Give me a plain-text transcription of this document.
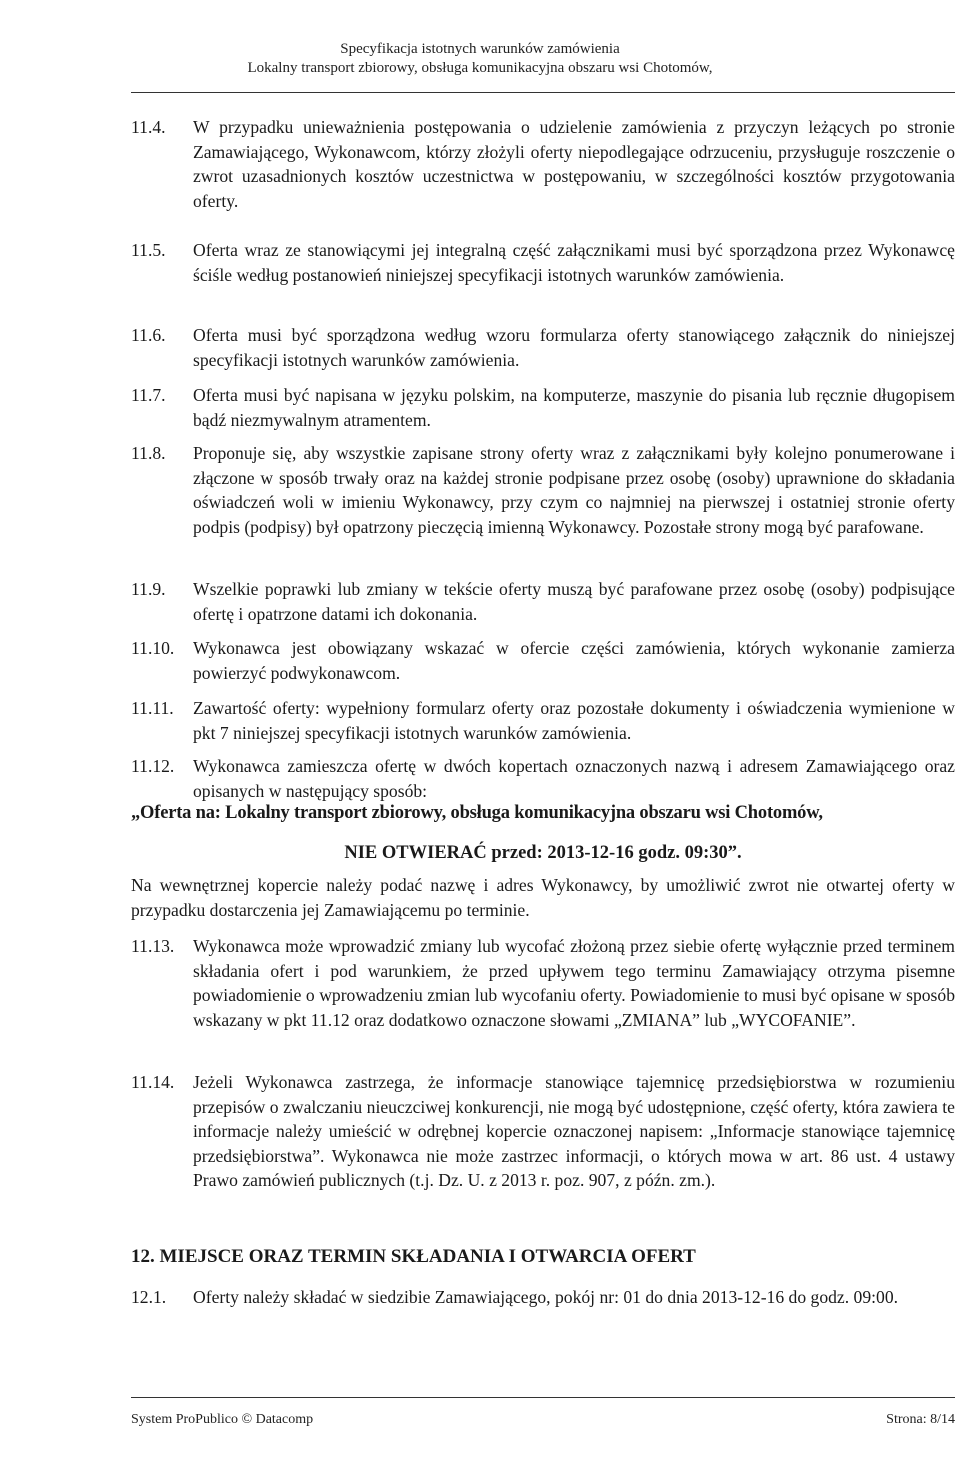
Specyfikacja istotnych warunków zamówienia
Lokalny transport zbiorowy, obsługa komunikacyjna obszaru wsi Chotomów,
11.4.	W przypadku unieważnienia postępowania o udzielenie zamówienia z przyczyn leżących po stronie Zamawiającego, Wykonawcom, którzy złożyli oferty niepodlegające odrzuceniu, przysługuje roszczenie o zwrot uzasadnionych kosztów uczestnictwa w postępowaniu, w szczególności kosztów przygotowania oferty.
11.5.	Oferta wraz ze stanowiącymi jej integralną część załącznikami musi być sporządzona przez Wykonawcę ściśle według postanowień niniejszej specyfikacji istotnych warunków zamówienia.
11.6.	Oferta musi być sporządzona według wzoru formularza oferty stanowiącego załącznik do niniejszej specyfikacji istotnych warunków zamówienia.
11.7.	Oferta musi być napisana w języku polskim, na komputerze, maszynie do pisania lub ręcznie długopisem bądź niezmywalnym atramentem.
11.8.	Proponuje się, aby wszystkie zapisane strony oferty wraz z załącznikami były kolejno ponumerowane i złączone w sposób trwały oraz na każdej stronie podpisane przez osobę (osoby) uprawnione do składania oświadczeń woli w imieniu Wykonawcy, przy czym co najmniej na pierwszej i ostatniej stronie oferty podpis (podpisy) był opatrzony pieczęcią imienną Wykonawcy. Pozostałe strony mogą być parafowane.
11.9.	Wszelkie poprawki lub zmiany w tekście oferty muszą być parafowane przez osobę (osoby) podpisujące ofertę i opatrzone datami ich dokonania.
11.10.	Wykonawca jest obowiązany wskazać w ofercie części zamówienia, których wykonanie zamierza powierzyć podwykonawcom.
11.11.	Zawartość oferty: wypełniony formularz oferty oraz pozostałe dokumenty i oświadczenia wymienione w pkt 7 niniejszej specyfikacji istotnych warunków zamówienia.
11.12.	Wykonawca zamieszcza ofertę w dwóch kopertach oznaczonych nazwą i adresem Zamawiającego oraz opisanych w następujący sposób:
„Oferta na: Lokalny transport zbiorowy, obsługa komunikacyjna obszaru wsi Chotomów,
NIE OTWIERAĆ przed: 2013-12-16 godz. 09:30”.
Na wewnętrznej kopercie należy podać nazwę i adres Wykonawcy, by umożliwić zwrot nie otwartej oferty w przypadku dostarczenia jej Zamawiającemu po terminie.
11.13.	Wykonawca może wprowadzić zmiany lub wycofać złożoną przez siebie ofertę wyłącznie przed terminem składania ofert i pod warunkiem, że przed upływem tego terminu Zamawiający otrzyma pisemne powiadomienie o wprowadzeniu zmian lub wycofaniu oferty. Powiadomienie to musi być opisane w sposób wskazany w pkt 11.12 oraz dodatkowo oznaczone słowami „ZMIANA” lub „WYCOFANIE”.
11.14.	Jeżeli Wykonawca zastrzega, że informacje stanowiące tajemnicę przedsiębiorstwa w rozumieniu przepisów o zwalczaniu nieuczciwej konkurencji, nie mogą być udostępnione, część oferty, która zawiera te informacje należy umieścić w odrębnej kopercie oznaczonej napisem: „Informacje stanowiące tajemnicę przedsiębiorstwa”. Wykonawca nie może zastrzec informacji, o których mowa w art. 86 ust. 4 ustawy Prawo zamówień publicznych (t.j. Dz. U. z 2013 r. poz. 907, z późn. zm.).
12. MIEJSCE ORAZ TERMIN SKŁADANIA I OTWARCIA OFERT
12.1.	Oferty należy składać w siedzibie Zamawiającego, pokój nr: 01 do dnia 2013-12-16 do godz. 09:00.
System ProPublico © Datacomp	Strona: 8/14
